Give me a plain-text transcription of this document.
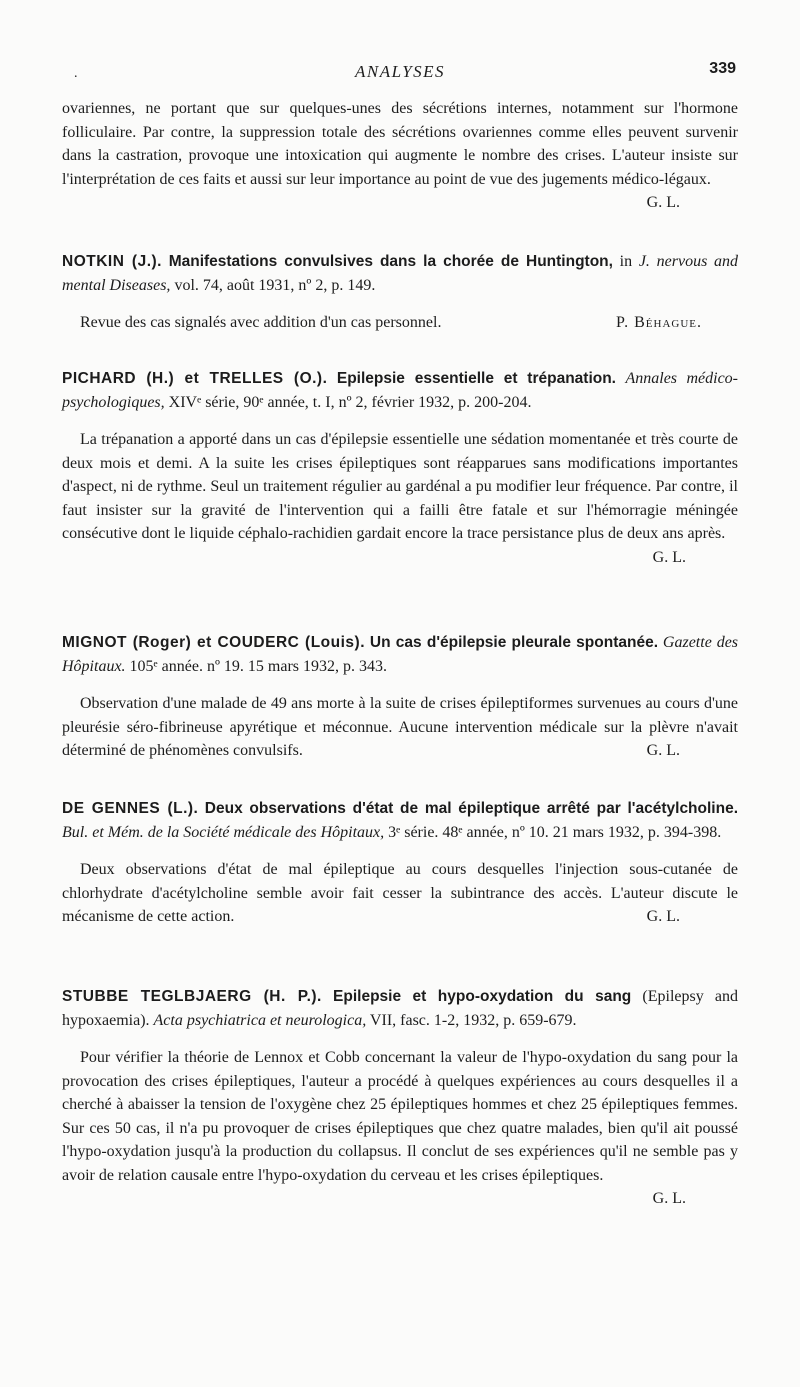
.	ANALYSES	339

ovariennes, ne portant que sur quelques-unes des sécrétions internes, notamment sur l'hormone folliculaire. Par contre, la suppression totale des sécrétions ovariennes comme elles peuvent survenir dans la castration, provoque une intoxication qui augmente le nombre des crises. L'auteur insiste sur l'interprétation de ces faits et aussi sur leur importance au point de vue des jugements médico-légaux.
G. L.

NOTKIN (J.). Manifestations convulsives dans la chorée de Huntington, in J. nervous and mental Diseases, vol. 74, août 1931, nº 2, p. 149.

Revue des cas signalés avec addition d'un cas personnel.	P. Béhague.

PICHARD (H.) et TRELLES (O.). Epilepsie essentielle et trépanation. Annales médico-psychologiques, XIVᵉ série, 90ᵉ année, t. I, nº 2, février 1932, p. 200-204.

La trépanation a apporté dans un cas d'épilepsie essentielle une sédation momentanée et très courte de deux mois et demi. A la suite les crises épileptiques sont réapparues sans modifications importantes d'aspect, ni de rythme. Seul un traitement régulier au gardénal a pu modifier leur fréquence. Par contre, il faut insister sur la gravité de l'intervention qui a failli être fatale et sur l'hémorragie méningée consécutive dont le liquide céphalo-rachidien gardait encore la trace persistance plus de deux ans après.

G. L.

MIGNOT (Roger) et COUDERC (Louis). Un cas d'épilepsie pleurale spontanée. Gazette des Hôpitaux. 105ᵉ année. nº 19. 15 mars 1932, p. 343.

Observation d'une malade de 49 ans morte à la suite de crises épileptiformes survenues au cours d'une pleurésie séro-fibrineuse apyrétique et méconnue. Aucune intervention médicale sur la plèvre n'avait déterminé de phénomènes convulsifs.	G. L.

DE GENNES (L.). Deux observations d'état de mal épileptique arrêté par l'acétylcholine. Bul. et Mém. de la Société médicale des Hôpitaux, 3ᵉ série. 48ᵉ année, nº 10. 21 mars 1932, p. 394-398.

Deux observations d'état de mal épileptique au cours desquelles l'injection sous-cutanée de chlorhydrate d'acétylcholine semble avoir fait cesser la subintrance des accès. L'auteur discute le mécanisme de cette action.	G. L.

STUBBE TEGLBJAERG (H. P.). Epilepsie et hypo-oxydation du sang (Epilepsy and hypoxaemia). Acta psychiatrica et neurologica, VII, fasc. 1-2, 1932, p. 659-679.

Pour vérifier la théorie de Lennox et Cobb concernant la valeur de l'hypo-oxydation du sang pour la provocation des crises épileptiques, l'auteur a procédé à quelques expériences au cours desquelles il a cherché à abaisser la tension de l'oxygène chez 25 épileptiques hommes et chez 25 épileptiques femmes. Sur ces 50 cas, il n'a pu provoquer de crises épileptiques que chez quatre malades, bien qu'il ait poussé l'hypo-oxydation jusqu'à la production du collapsus. Il conclut de ses expériences qu'il ne semble pas y avoir de relation causale entre l'hypo-oxydation du cerveau et les crises épileptiques.

G. L.
